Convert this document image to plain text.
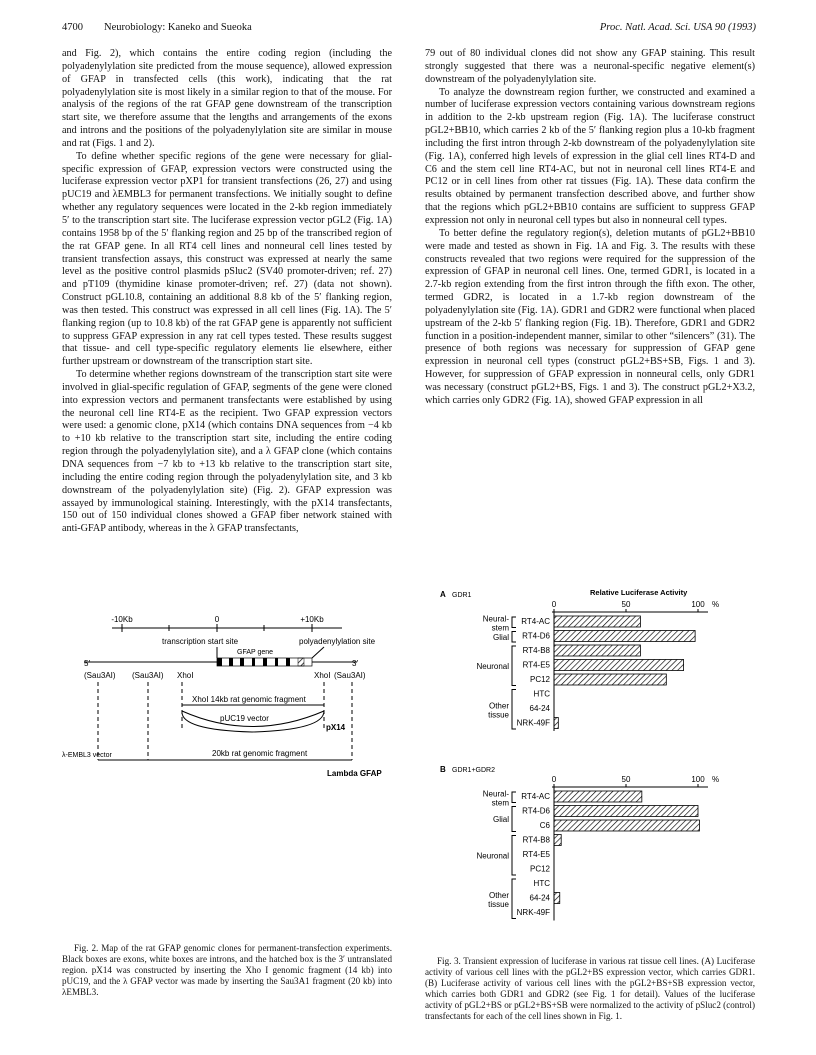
4700 Neurobiology: Kaneko and Sueoka	Proc. Natl. Acad. Sci. USA 90 (1993)

and Fig. 2), which contains the entire coding region (including the polyadenylylation site predicted from the mouse sequence), allowed expression of GFAP in transfected cells (this work), indicating that the rat polyadenylylation site is most likely in a similar region to that of the mouse. For analysis of the regions of the rat GFAP gene downstream of the transcription start site, we therefore assume that the lengths and arrangements of the exons and introns and the positions of the polyadenylylation site are similar in mouse and rat (Figs. 1 and 2).

To define whether specific regions of the gene were necessary for glial-specific expression of GFAP, expression vectors were constructed using the luciferase expression vector pXP1 for transient transfections (26, 27) and using pUC19 and λEMBL3 for permanent transfections. We initially sought to define whether any regulatory sequences were located in the 2-kb region immediately 5′ to the transcription start site. The luciferase expression vector pGL2 (Fig. 1A) contains 1958 bp of the 5′ flanking region and 25 bp of the transcribed region of the rat GFAP gene. In all RT4 cell lines and nonneural cell lines tested by transient transfection assays, this construct was expressed at nearly the same level as the positive control plasmids pSluc2 (SV40 promoter-driven; ref. 27) and pT109 (thymidine kinase promoter-driven; ref. 27) (data not shown). Construct pGL10.8, containing an additional 8.8 kb of the 5′ flanking region, was then tested. This construct was expressed in all cell lines (Fig. 1A). The 5′ flanking region (up to 10.8 kb) of the rat GFAP gene is apparently not sufficient to suppress GFAP expression in any rat cell types tested. These results suggest that tissue- and cell type-specific regulatory elements lie elsewhere, either further upstream or downstream of the transcription start site.

To determine whether regions downstream of the transcription start site were involved in glial-specific regulation of GFAP, segments of the gene were cloned into expression vectors and permanent transfectants were established by using the neuronal cell line RT4-E as the recipient. Two GFAP expression vectors were used: a genomic clone, pX14 (which contains DNA sequences from −4 kb to +10 kb relative to the transcription start site, including the entire coding region through the polyadenylylation site), and a λ GFAP clone (which contains DNA sequences from −7 kb to +13 kb relative to the transcription start site, including the entire coding region through the polyadenylylation site, and 3 kb downstream of the polyadenylylation site) (Fig. 2). GFAP expression was assayed by immunological staining. Interestingly, with the pX14 transfectants, 150 out of 150 individual clones showed a GFAP fiber network stained with anti-GFAP antibody, whereas in the λ GFAP transfectants,

79 out of 80 individual clones did not show any GFAP staining. This result strongly suggested that there was a neuronal-specific negative element(s) downstream of the polyadenylylation site.

To analyze the downstream region further, we constructed and examined a number of luciferase expression vectors containing various downstream regions in addition to the 2-kb upstream region (Fig. 1A). The luciferase construct pGL2+BB10, which carries 2 kb of the 5′ flanking region plus a 10-kb fragment including the first intron through 2-kb downstream of the polyadenylylation site (Fig. 1A), conferred high levels of expression in the glial cell lines RT4-D and C6 and the stem cell line RT4-AC, but not in neuronal cell lines RT4-E and PC12 or in cell lines from other rat tissues (Fig. 1A). These data confirm the results obtained by permanent transfection described above, and further show that the regions which pGL2+BB10 contains are sufficient to suppress GFAP expression not only in neuronal cell types but also in nonneural cell types.

To better define the regulatory region(s), deletion mutants of pGL2+BB10 were made and tested as shown in Fig. 1A and Fig. 3. The results with these constructs revealed that two regions were required for the suppression of the expression of GFAP in neuronal cell lines. One, termed GDR1, is located in a 2.7-kb region extending from the first intron through the fifth exon. The other, termed GDR2, is located in a 1.7-kb region downstream of the polyadenylylation site (Fig. 1A). GDR1 and GDR2 were functional when placed upstream of the 2-kb 5′ flanking region (Fig. 1B). Therefore, GDR1 and GDR2 function in a position-independent manner, similar to other “silencers” (31). The presence of both regions was necessary for suppression of GFAP gene expression in neuronal cell types (construct pGL2+BS+SB, Figs. 1 and 3). However, for suppression of GFAP expression in nonneural cells, only GDR1 was necessary (construct pGL2+BS, Figs. 1 and 3). The construct pGL2+X3.2, which carries only GDR2 (Fig. 1A), showed GFAP expression in all

-10Kb	0	+10Kb
transcription start site	polyadenylylation site
GFAP gene
5′	3′
(Sau3AI) (Sau3AI) XhoI	XhoI (Sau3AI)
XhoI 14kb rat genomic fragment
pUC19 vector
pX14
λ-EMBL3 vector	20kb rat genomic fragment
Lambda GFAP

Fig. 2. Map of the rat GFAP genomic clones for permanent-transfection experiments. Black boxes are exons, white boxes are introns, and the hatched box is the 3′ untranslated region. pX14 was constructed by inserting the Xho I genomic fragment (14 kb) into pUC19, and the λ GFAP vector was made by inserting the Sau3A1 fragment (20 kb) into λEMBL3.

A GDR1	Relative Luciferase Activity
0	50	100 %
RT4-AC
RT4-D6
RT4-B8
RT4-E5
PC12
HTC
64-24
NRK-49F
Neural-stem
Glial
Neuronal
Other tissue
B GDR1+GDR2
0	50	100 %
RT4-AC
RT4-D6
C6
RT4-B8
RT4-E5
PC12
HTC
64-24
NRK-49F
Neural-stem
Glial
Neuronal
Other tissue

Fig. 3. Transient expression of luciferase in various rat tissue cell lines. (A) Luciferase activity of various cell lines with the pGL2+BS expression vector, which carries GDR1. (B) Luciferase activity of various cell lines with the pGL2+BS+SB expression vector, which carries both GDR1 and GDR2 (see Fig. 1 for detail). Values of the luciferase activity of pGL2+BS or pGL2+BS+SB were normalized to the activity of pSluc2 (control) transfectants for each of the cell lines shown in Fig. 1.
